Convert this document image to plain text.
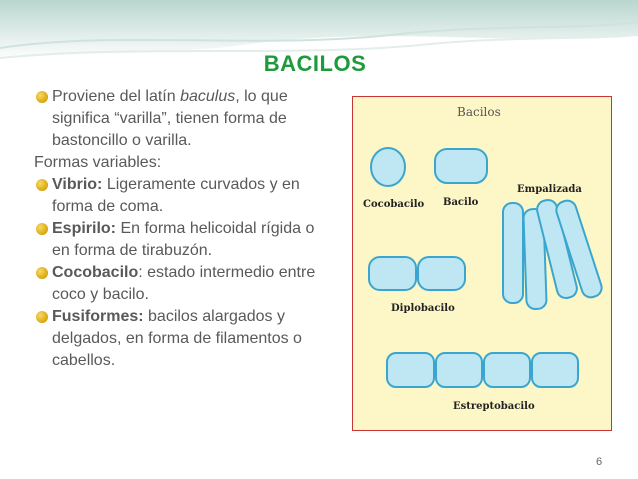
BACILOS
Proviene del latín baculus, lo que significa “varilla”, tienen forma de bastoncillo o varilla.
Formas variables:
Vibrio: Ligeramente curvados y en forma de coma.
Espirilo: En forma helicoidal rígida o en forma de tirabuzón.
Cocobacilo: estado intermedio entre coco y bacilo.
Fusiformes: bacilos alargados y delgados, en forma de filamentos o cabellos.
Bacilos
Cocobacilo Bacilo
Empalizada
Diplobacilo
Estreptobacilo
6
